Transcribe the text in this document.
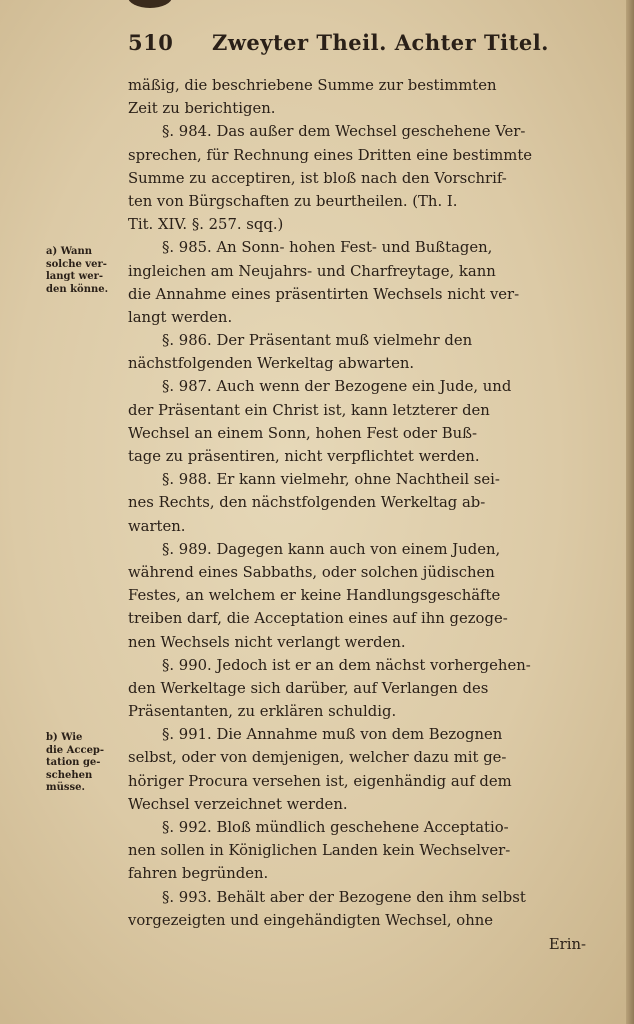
510 Zweyter Theil. Achter Titel.
a) Wann
solche ver-
langt wer-
den könne.
b) Wie
die Accep-
tation ge-
schehen
müsse.
mäßig, die beschriebene Summe zur bestimmten
Zeit zu berichtigen.
§. 984. Das außer dem Wechsel geschehene Ver-
sprechen, für Rechnung eines Dritten eine bestimmte
Summe zu acceptiren, ist bloß nach den Vorschrif-
ten von Bürgschaften zu beurtheilen. (Th. I.
Tit. XIV. §. 257. sqq.)
§. 985. An Sonn- hohen Fest- und Bußtagen,
ingleichen am Neujahrs- und Charfreytage, kann
die Annahme eines präsentirten Wechsels nicht ver-
langt werden.
§. 986. Der Präsentant muß vielmehr den
nächstfolgenden Werkeltag abwarten.
§. 987. Auch wenn der Bezogene ein Jude, und
der Präsentant ein Christ ist, kann letzterer den
Wechsel an einem Sonn, hohen Fest oder Buß-
tage zu präsentiren, nicht verpflichtet werden.
§. 988. Er kann vielmehr, ohne Nachtheil sei-
nes Rechts, den nächstfolgenden Werkeltag ab-
warten.
§. 989. Dagegen kann auch von einem Juden,
während eines Sabbaths, oder solchen jüdischen
Festes, an welchem er keine Handlungsgeschäfte
treiben darf, die Acceptation eines auf ihn gezoge-
nen Wechsels nicht verlangt werden.
§. 990. Jedoch ist er an dem nächst vorhergehen-
den Werkeltage sich darüber, auf Verlangen des
Präsentanten, zu erklären schuldig.
§. 991. Die Annahme muß von dem Bezognen
selbst, oder von demjenigen, welcher dazu mit ge-
höriger Procura versehen ist, eigenhändig auf dem
Wechsel verzeichnet werden.
§. 992. Bloß mündlich geschehene Acceptatio-
nen sollen in Königlichen Landen kein Wechselver-
fahren begründen.
§. 993. Behält aber der Bezogene den ihm selbst
vorgezeigten und eingehändigten Wechsel, ohne
Erin-
